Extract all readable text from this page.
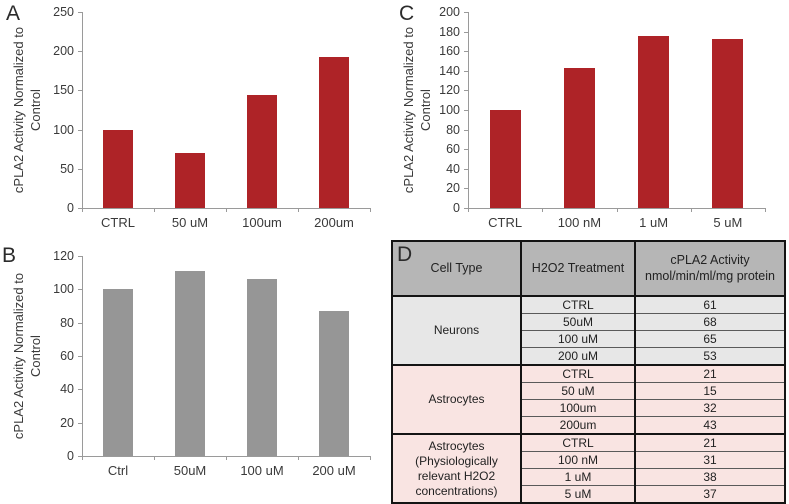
A
cPLA2 Activity Normalized to Control
0
50
100
150
200
250
CTRL	50 uM	100um	200um
C
cPLA2 Activity Normalized to Control
0
20
40
60
80
100
120
140
160
180
200
CTRL	100 nM	1 uM	5 uM
B
cPLA2 Activity Normalized to Control
0
20
40
60
80
100
120
Ctrl	50uM	100 uM	200 uM
D
Cell Type	H2O2 Treatment	cPLA2 Activity nmol/min/ml/mg protein
Neurons	CTRL	61
	50uM	68
	100 uM	65
	200 uM	53
Astrocytes	CTRL	21
	50 uM	15
	100um	32
	200um	43
Astrocytes (Physiologically relevant H2O2 concentrations)	CTRL	21
	100 nM	31
	1 uM	38
	5 uM	37
